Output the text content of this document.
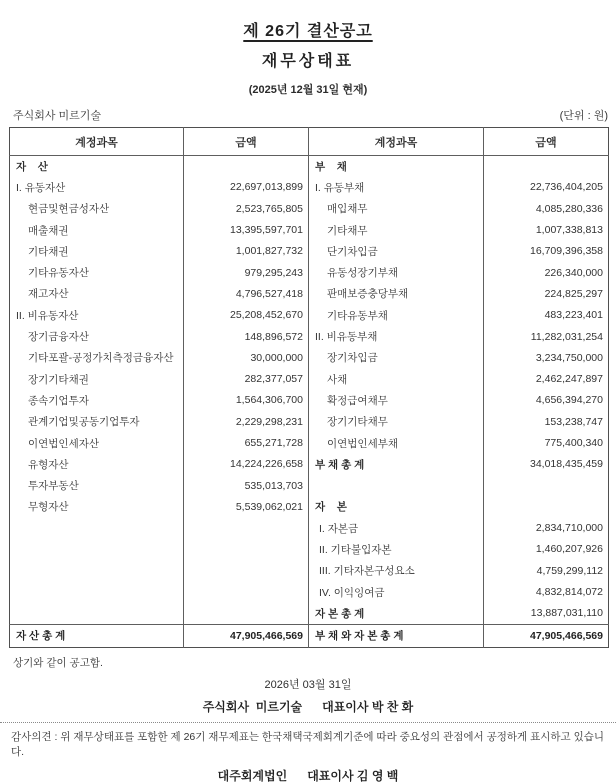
제 26기 결산공고
재무상태표
(2025년 12월 31일 현재)
주식회사 미르기술	(단위 : 원)
계정과목	금액	계정과목	금액
자    산		부    채	
I. 유동자산	22,697,013,899	I. 유동부채	22,736,404,205
현금및현금성자산	2,523,765,805	매입채무	4,085,280,336
매출채권	13,395,597,701	기타채무	1,007,338,813
기타채권	1,001,827,732	단기차입금	16,709,396,358
기타유동자산	979,295,243	유동성장기부채	226,340,000
재고자산	4,796,527,418	판매보증충당부채	224,825,297
II. 비유동자산	25,208,452,670	기타유동부채	483,223,401
장기금융자산	148,896,572	II. 비유동부채	11,282,031,254
기타포괄-공정가치측정금융자산	30,000,000	장기차입금	3,234,750,000
장기기타채권	282,377,057	사채	2,462,247,897
종속기업투자	1,564,306,700	확정급여채무	4,656,394,270
관계기업및공동기업투자	2,229,298,231	장기기타채무	153,238,747
이연법인세자산	655,271,728	이연법인세부채	775,400,340
유형자산	14,224,226,658	부 채 총 계	34,018,435,459
투자부동산	535,013,703		
무형자산	5,539,062,021	자    본	
		I. 자본금	2,834,710,000
		II. 기타불입자본	1,460,207,926
		III. 기타자본구성요소	4,759,299,112
		IV. 이익잉여금	4,832,814,072
		자 본 총 계	13,887,031,110
자 산 총 계	47,905,466,569	부 채 와 자 본 총 계	47,905,466,569
상기와 같이 공고함.
2026년 03월 31일
주식회사  미르기술      대표이사 박 찬 화
감사의견 : 위 재무상태표를 포함한 제 26기 재무제표는 한국채택국제회계기준에 따라 중요성의 관점에서 공정하게 표시하고 있습니다.
대주회계법인      대표이사 김 영 백
